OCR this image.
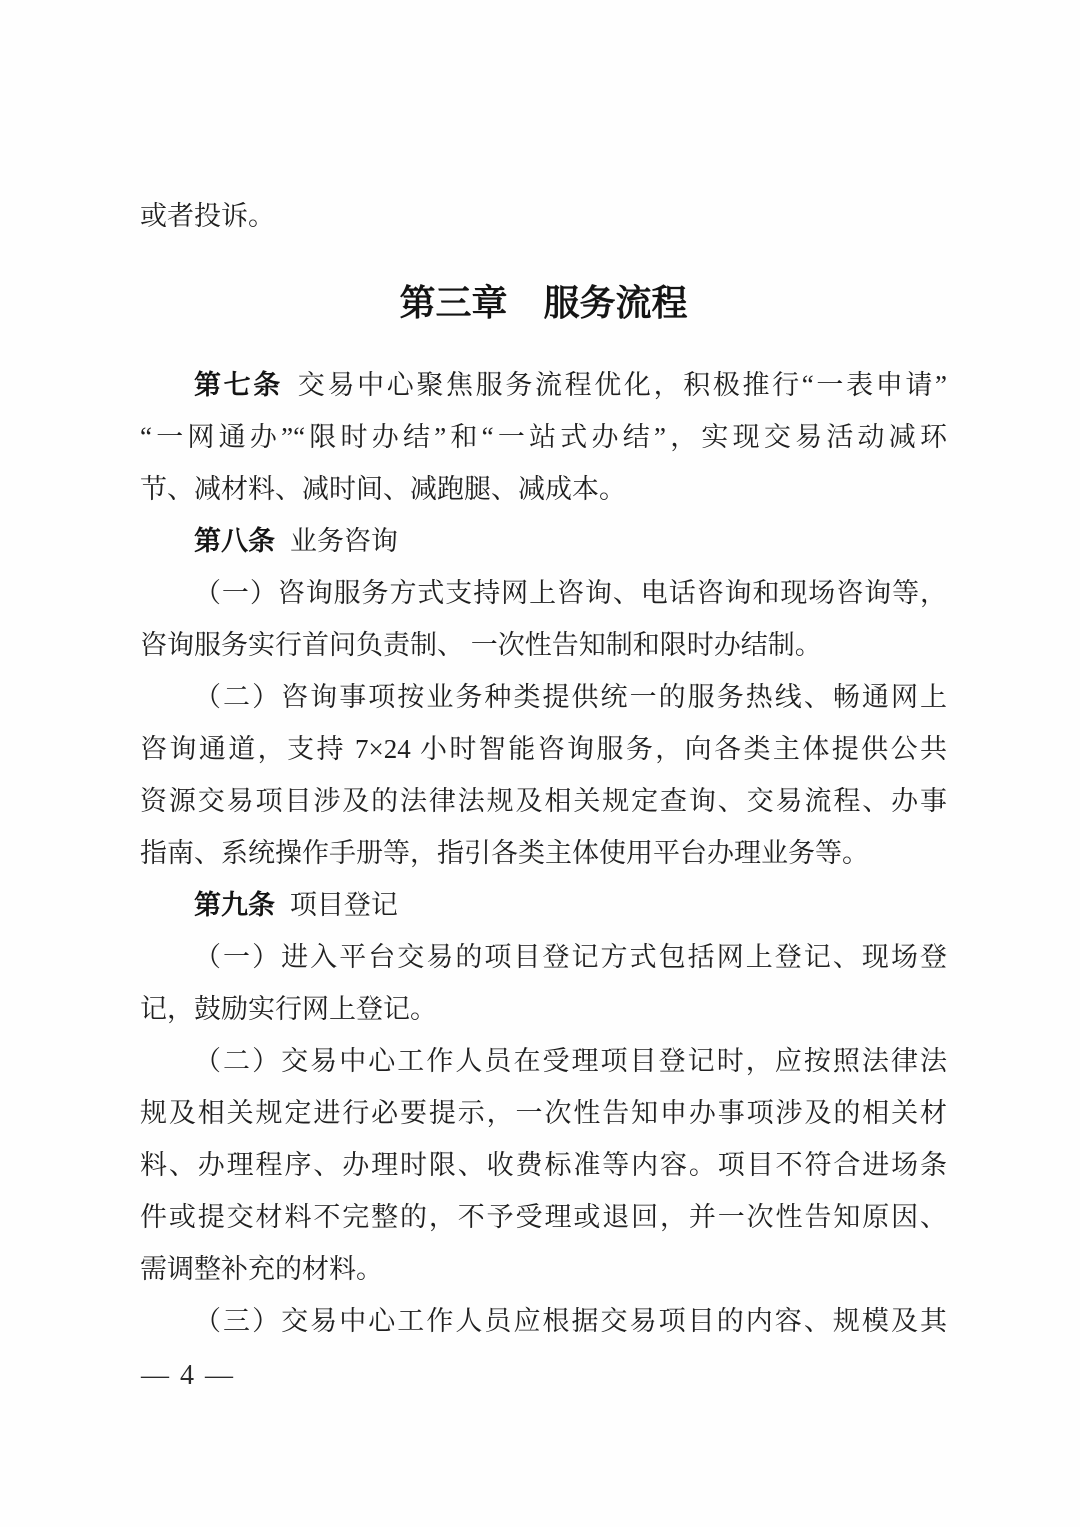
或者投诉。

第三章 服务流程

第七条 交易中心聚焦服务流程优化，积极推行“一表申请”

“一网通办”“限时办结”和“一站式办结”，实现交易活动减环

节、减材料、减时间、减跑腿、减成本。

第八条 业务咨询

（一）咨询服务方式支持网上咨询、电话咨询和现场咨询等，

咨询服务实行首问负责制、 一次性告知制和限时办结制。

（二）咨询事项按业务种类提供统一的服务热线、畅通网上

咨询通道，支持 7×24 小时智能咨询服务，向各类主体提供公共

资源交易项目涉及的法律法规及相关规定查询、交易流程、办事

指南、系统操作手册等，指引各类主体使用平台办理业务等。

第九条 项目登记

（一）进入平台交易的项目登记方式包括网上登记、现场登

记，鼓励实行网上登记。

（二）交易中心工作人员在受理项目登记时，应按照法律法

规及相关规定进行必要提示，一次性告知申办事项涉及的相关材

料、办理程序、办理时限、收费标准等内容。项目不符合进场条

件或提交材料不完整的，不予受理或退回，并一次性告知原因、

需调整补充的材料。

（三）交易中心工作人员应根据交易项目的内容、规模及其

— 4 —
